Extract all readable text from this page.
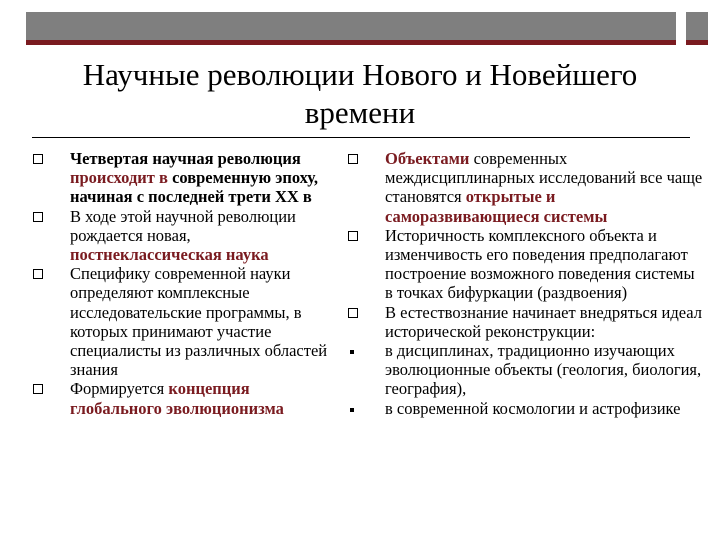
Научные революции Нового и Новейшего
времени
Четвертая научная революция происходит в современную эпоху, начиная с последней трети XX в
В ходе этой научной революции рождается новая, постнеклассическая наука
Специфику современной науки определяют комплексные исследовательские программы, в которых принимают участие специалисты из различных областей знания
Формируется концепция глобального эволюционизма
Объектами современных междисциплинарных исследований все чаще становятся открытые и саморазвивающиеся системы
Историчность комплексного объекта и изменчивость его поведения предполагают построение возможного поведения системы в точках бифуркации (раздвоения)
В естествознание начинает внедряться идеал исторической реконструкции:
в дисциплинах, традиционно изучающих эволюционные объекты (геология, биология, география),
в современной космологии и астрофизике
